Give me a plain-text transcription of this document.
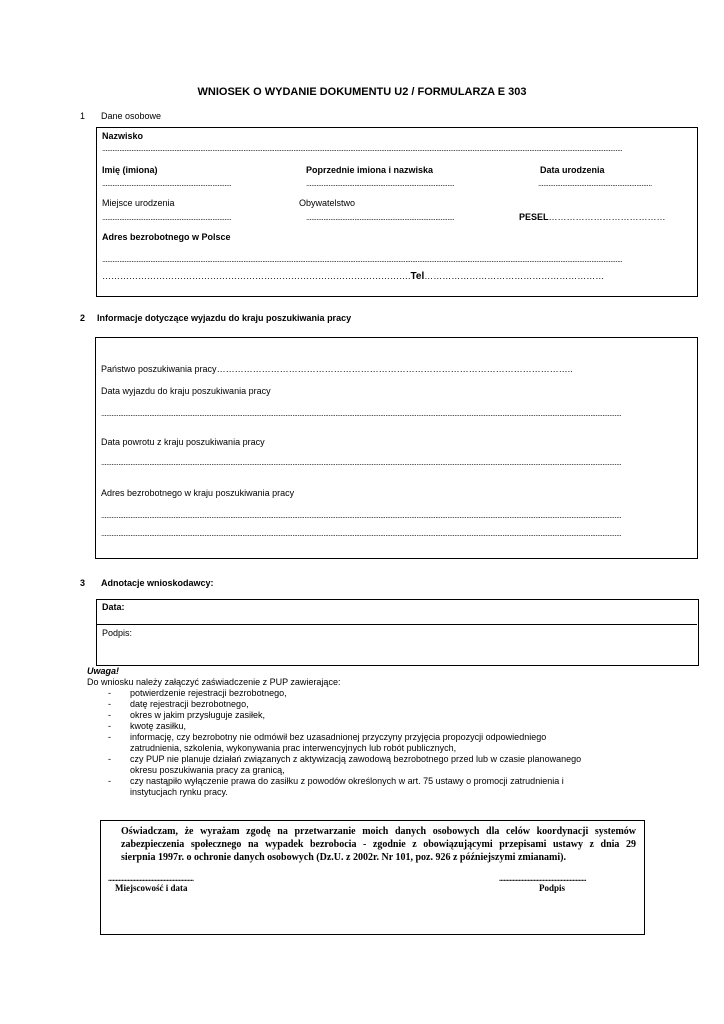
WNIOSEK O WYDANIE DOKUMENTU U2 / FORMULARZA E 303
1 Dane osobowe
Nazwisko
..............................................................................................................................................................................................................................................................................................................
Imię (imiona)	Poprzednie imiona i nazwiska	Data urodzenia
...........................................................................	......................................................................................	..................................................................
Miejsce urodzenia	Obywatelstwo
...........................................................................	......................................................................................	PESEL…………………………………
Adres bezrobotnego w Polsce
..............................................................................................................................................................................................................................................................................................................
………………………………………………………………………………………….Tel……………………………………………………
2 Informacje dotyczące wyjazdu do kraju poszukiwania pracy
Państwo poszukiwania pracy………………………………………………………………………………………………………..
Data wyjazdu do kraju poszukiwania pracy
..............................................................................................................................................................................................................................................................................................................
Data powrotu z kraju poszukiwania pracy
..............................................................................................................................................................................................................................................................................................................
Adres bezrobotnego w kraju poszukiwania pracy
..............................................................................................................................................................................................................................................................................................................
..............................................................................................................................................................................................................................................................................................................
3 Adnotacje wnioskodawcy:
Data:
Podpis:
Uwaga!
Do wniosku należy załączyć zaświadczenie z PUP zawierające:
- potwierdzenie rejestracji bezrobotnego,
- datę rejestracji bezrobotnego,
- okres w jakim przysługuje zasiłek,
- kwotę zasiłku,
- informację, czy bezrobotny nie odmówił bez uzasadnionej przyczyny przyjęcia propozycji odpowiedniego
zatrudnienia, szkolenia, wykonywania prac interwencyjnych lub robót publicznych,
- czy PUP nie planuje działań związanych z aktywizacją zawodową bezrobotnego przed lub w czasie planowanego
okresu poszukiwania pracy za granicą,
- czy nastąpiło wyłączenie prawa do zasiłku z powodów określonych w art. 75 ustawy o promocji zatrudnienia i
instytucjach rynku pracy.
Oświadczam, że wyrażam zgodę na przetwarzanie moich danych osobowych dla celów koordynacji systemów
zabezpieczenia społecznego na wypadek bezrobocia - zgodnie z obowiązującymi przepisami ustawy z dnia 29
sierpnia 1997r. o ochronie danych osobowych (Dz.U. z 2002r. Nr 101, poz. 926 z późniejszymi zmianami).
.........................................................
Miejscowość i data
..........................................................
Podpis
